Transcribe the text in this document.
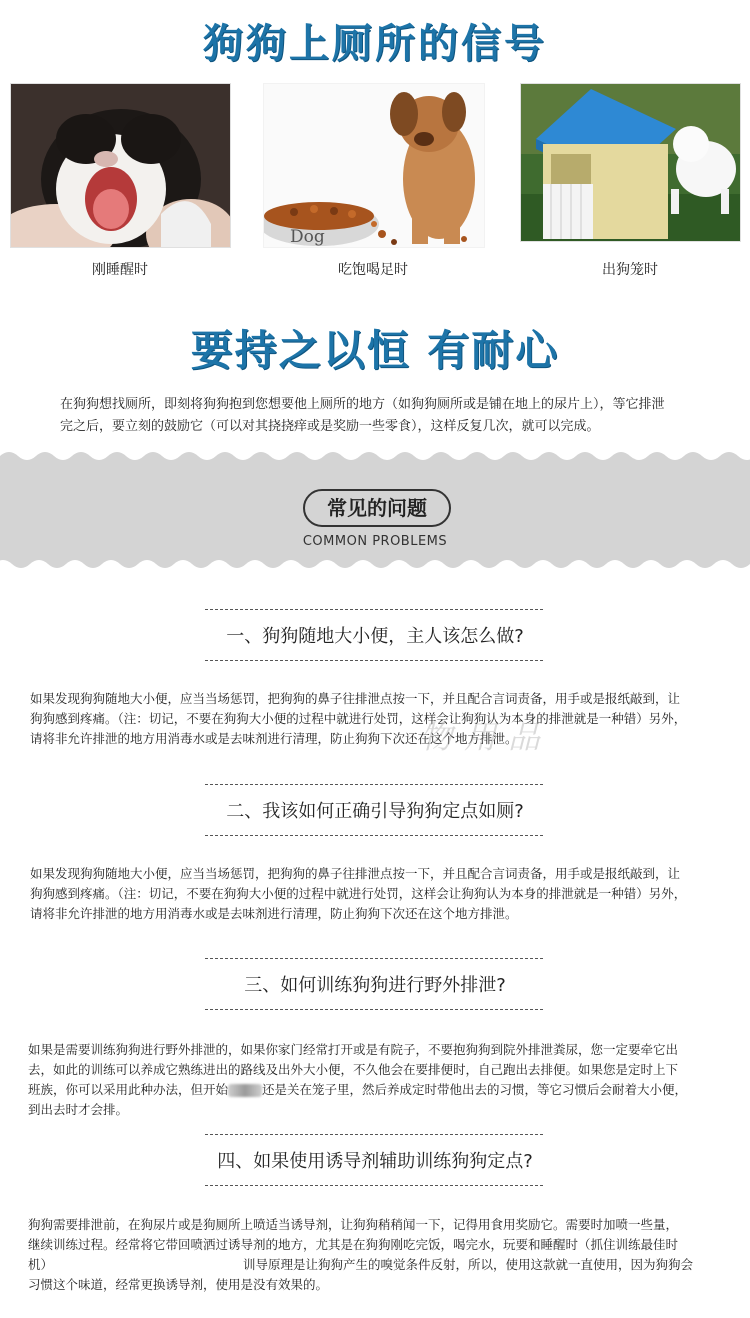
狗狗上厕所的信号
刚睡醒时
Dog
吃饱喝足时	出狗笼时
要持之以恒 有耐心
在狗狗想找厕所，即刻将狗狗抱到您想要他上厕所的地方（如狗狗厕所或是铺在地上的尿片上），等它排泄
完之后，要立刻的鼓励它（可以对其挠挠痒或是奖励一些零食），这样反复几次，就可以完成。
常见的问题
COMMON PROBLEMS
一、狗狗随地大小便，主人该怎么做?
如果发现狗狗随地大小便，应当当场惩罚，把狗狗的鼻子往排泄点按一下，并且配合言词责备，用手或是报纸敲到，让
狗狗感到疼痛。（注：切记，不要在狗狗大小便的过程中就进行处罚，这样会让狗狗认为本身的排泄就是一种错）另外，
请将非允许排泄的地方用消毒水或是去味剂进行清理，防止狗狗下次还在这个地方排泄。
二、我该如何正确引导狗狗定点如厕?
如果发现狗狗随地大小便，应当当场惩罚，把狗狗的鼻子往排泄点按一下，并且配合言词责备，用手或是报纸敲到，让
狗狗感到疼痛。（注：切记，不要在狗狗大小便的过程中就进行处罚，这样会让狗狗认为本身的排泄就是一种错）另外，
请将非允许排泄的地方用消毒水或是去味剂进行清理，防止狗狗下次还在这个地方排泄。
三、如何训练狗狗进行野外排泄?
如果是需要训练狗狗进行野外排泄的，如果你家门经常打开或是有院子，不要抱狗狗到院外排泄粪尿，您一定要牵它出
去，如此的训练可以养成它熟练进出的路线及出外大小便，不久他会在要排便时，自己跑出去排便。如果您是定时上下
班族，你可以采用此种办法，但开始	还是关在笼子里，然后养成定时带他出去的习惯，等它习惯后会耐着大小便，
到出去时才会排。
四、如果使用诱导剂辅助训练狗狗定点?
狗狗需要排泄前，在狗尿片或是狗厕所上喷适当诱导剂，让狗狗稍稍闻一下，记得用食用奖励它。需要时加喷一些量，
继续训练过程。经常将它带回喷洒过诱导剂的地方，尤其是在狗狗刚吃完饭，喝完水，玩要和睡醒时（抓住训练最佳时
机）	训导原理是让狗狗产生的嗅觉条件反射，所以，使用这款就一直使用，因为狗狗会
习惯这个味道，经常更换诱导剂，使用是没有效果的。
物用品
